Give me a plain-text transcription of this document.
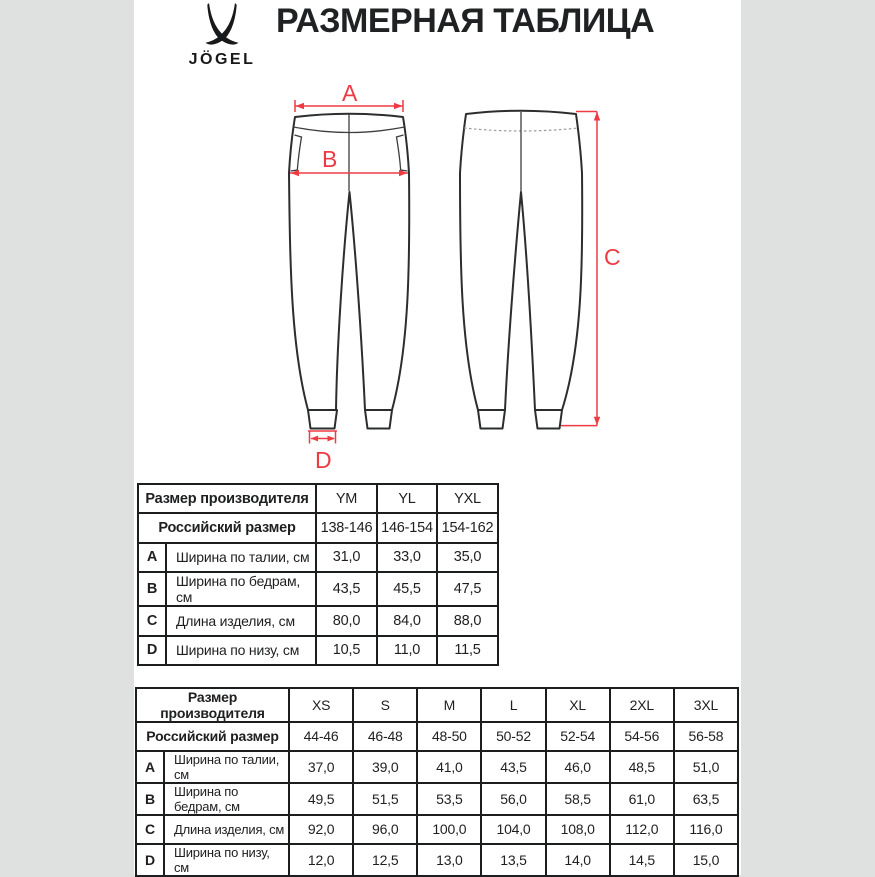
JÖGEL
РАЗМЕРНАЯ ТАБЛИЦА
A
B
C
D
Размер производителя		YM	YL	YXL
Российский размер		138-146	146-154	154-162
A	Ширина по талии, см	31,0	33,0	35,0
B	Ширина по бедрам, см	43,5	45,5	47,5
C	Длина изделия, см	80,0	84,0	88,0
D	Ширина по низу, см	10,5	11,0	11,5
Размер производителя		XS	S	M	L	XL	2XL	3XL
Российский размер		44-46	46-48	48-50	50-52	52-54	54-56	56-58
A	Ширина по талии, см	37,0	39,0	41,0	43,5	46,0	48,5	51,0
B	Ширина по бедрам, см	49,5	51,5	53,5	56,0	58,5	61,0	63,5
C	Длина изделия, см	92,0	96,0	100,0	104,0	108,0	112,0	116,0
D	Ширина по низу, см	12,0	12,5	13,0	13,5	14,0	14,5	15,0
